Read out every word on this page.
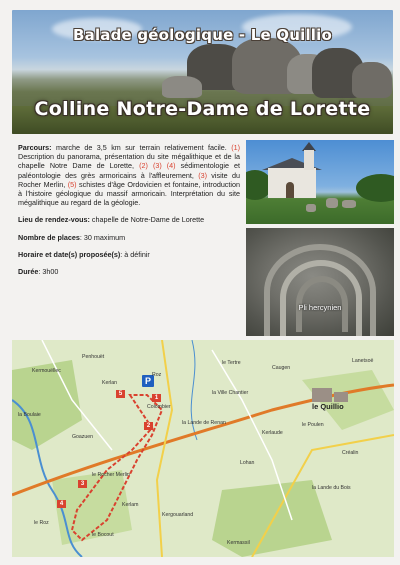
Balade géologique - Le Quillio
Colline Notre-Dame de Lorette

Parcours: marche de 3,5 km sur terrain relativement facile. (1) Description du panorama, présentation du site mégalithique et de la chapelle Notre Dame de Lorette, (2) (3) (4) sédimentologie et paléontologie des grès armoricains à l'affleurement, (3) visite du Rocher Merlin, (5) schistes d'âge Ordovicien et fontaine, introduction à l'histoire géologique du massif armoricain. Interprétation du site mégalithique au regard de la géologie.

Lieu de rendez-vous: chapelle de Notre-Dame de Lorette

Nombre de places: 30 maximum

Horaire et date(s) proposée(s): à définir

Durée: 3h00

Pli hercynien
P
1
2
3
4
5
le Quillio
Kermouëllec
Penhouët
Kerlan
Roz
Colombier
le Rocher Merlin
la Ville Chantier
le Poulen
la Lande de Renan
le Bocout
Kergouarland
Kermassil
Lohan
Caugen
Créalin
Lanetsoë
la Lande du Bois
Goazuen
la Boulaie
le Tertre
Kerlaude
le Roz
Kerlam
